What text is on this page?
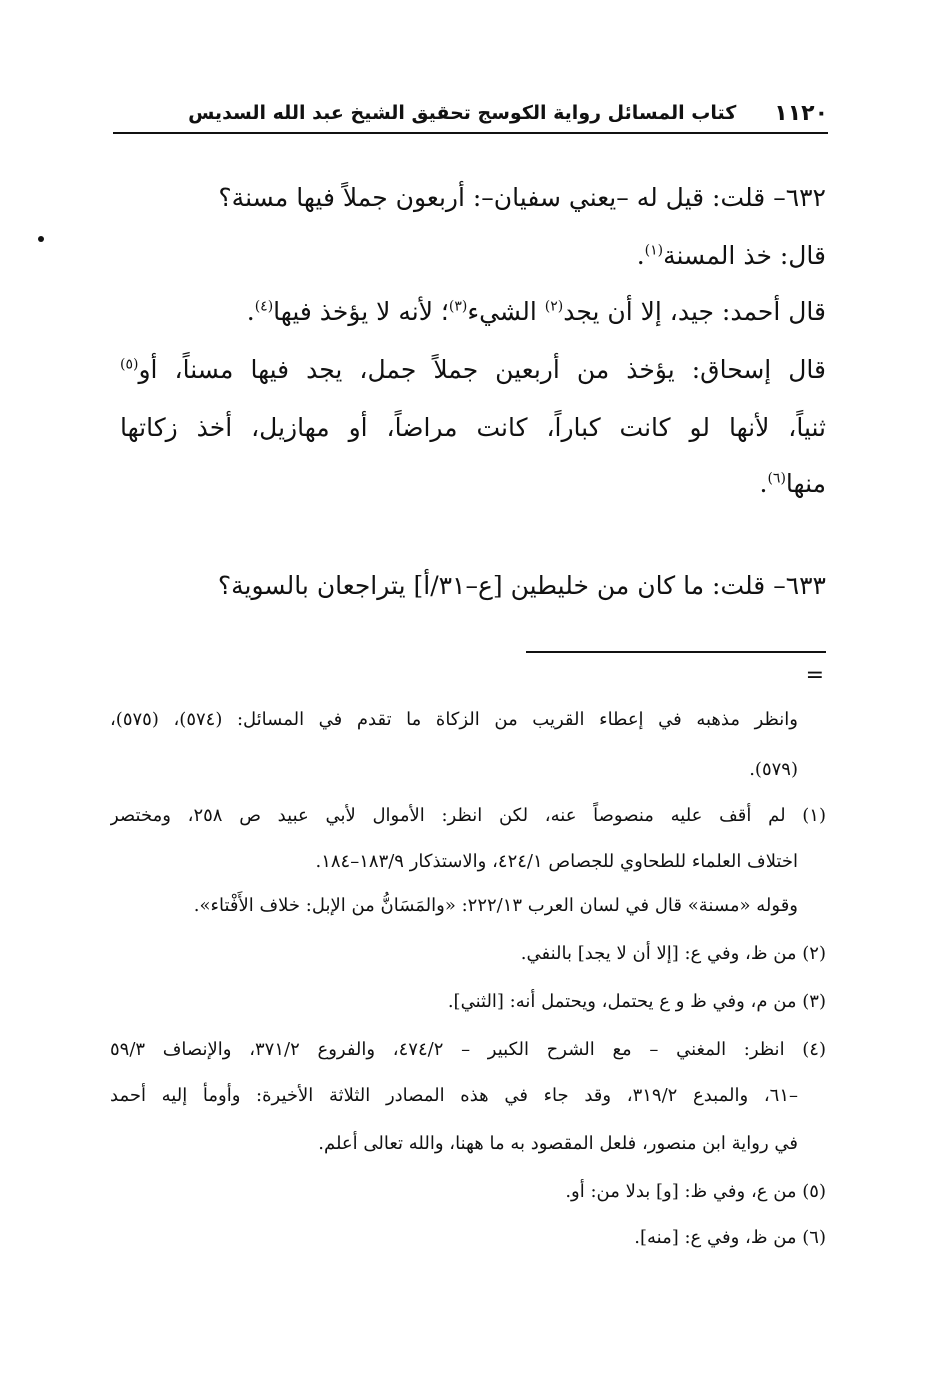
١١٢٠
كتاب المسائل رواية الكوسج تحقيق الشيخ عبد الله السديس
٦٣٢– قلت: قيل له –يعني سفيان–: أربعون جملاً فيها مسنة؟
قال: خذ المسنة$^{(١)}$.
قال أحمد: جيد، إلا أن يجد$^{(٢)}$ الشيء$^{(٣)}$؛ لأنه لا يؤخذ فيها$^{(٤)}$.
قال إسحاق: يؤخذ من أربعين جملاً جمل، يجد فيها مسناً، أو$^{(٥)}$
ثنياً، لأنها لو كانت كباراً، كانت مراضاً، أو مهازيل، أخذ زكاتها
منها$^{(٦)}$.
٦٣٣– قلت: ما كان من خليطين [ع–٣١/أ] يتراجعان بالسوية؟
=
وانظر مذهبه في إعطاء القريب من الزكاة ما تقدم في المسائل: (٥٧٤)، (٥٧٥)،
(٥٧٩).
(١) لم أقف عليه منصوصاً عنه، لكن انظر: الأموال لأبي عبيد ص ٢٥٨، ومختصر
اختلاف العلماء للطحاوي للجصاص ٤٢٤/١، والاستذكار ١٨٣/٩–١٨٤.
وقوله «مسنة» قال في لسان العرب ٢٢٢/١٣: «والمَسَانُّ من الإبل: خلاف الأَفْتاء».
(٢) من ظ، وفي ع: [إلا أن لا يجد] بالنفي.
(٣) من م، وفي ظ و ع يحتمل، ويحتمل أنه: [الثني].
(٤) انظر: المغني – مع الشرح الكبير – ٤٧٤/٢، والفروع ٣٧١/٢، والإنصاف ٥٩/٣
–٦١، والمبدع ٣١٩/٢، وقد جاء في هذه المصادر الثلاثة الأخيرة: وأومأ إليه أحمد
في رواية ابن منصور، فلعل المقصود به ما ههنا، والله تعالى أعلم.
(٥) من ع، وفي ظ: [و] بدلا من: أو.
(٦) من ظ، وفي ع: [منه].
